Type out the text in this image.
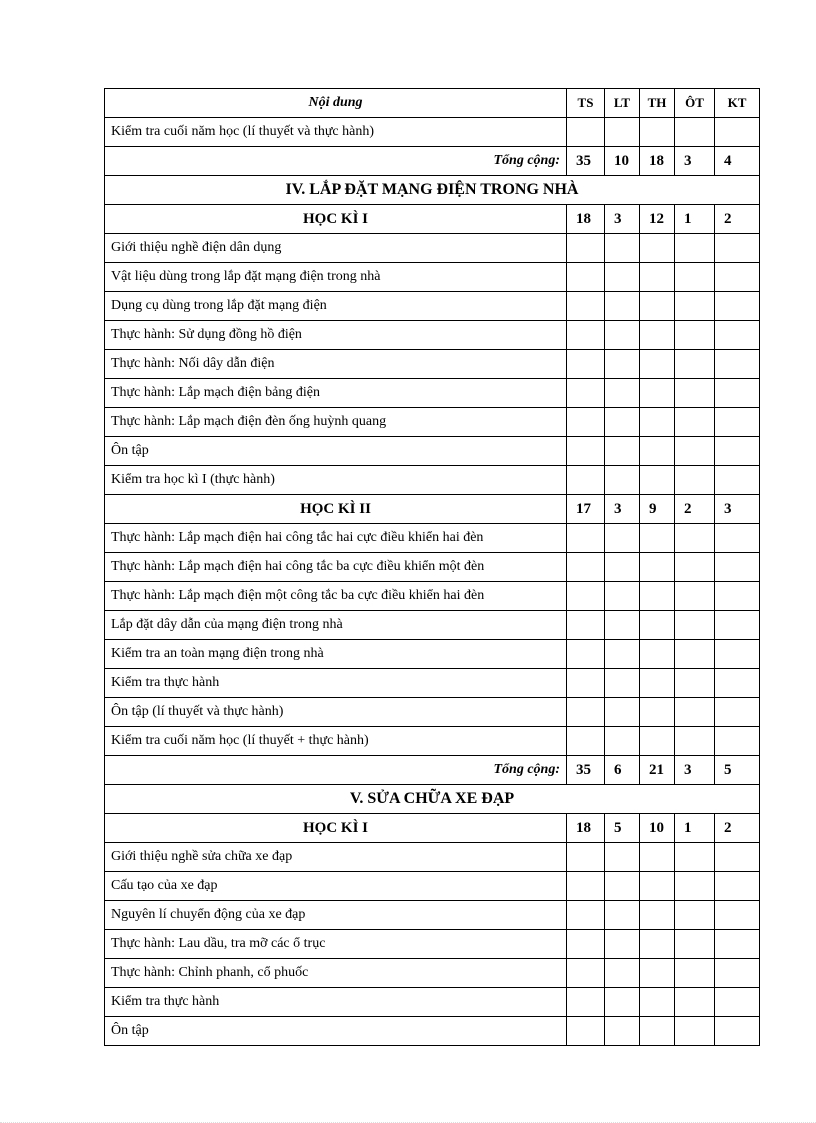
Nội dung	TS	LT	TH	ÔT	KT
Kiểm tra cuối năm học (lí thuyết và thực hành)					
Tổng cộng:	35	10	18	3	4
IV. LẮP ĐẶT MẠNG ĐIỆN TRONG NHÀ					
HỌC KÌ I	18	3	12	1	2
Giới thiệu nghề điện dân dụng					
Vật liệu dùng trong lắp đặt mạng điện trong nhà					
Dụng cụ dùng trong lắp đặt mạng điện					
Thực hành: Sử dụng đồng hồ điện					
Thực hành: Nối dây dẫn điện					
Thực hành: Lắp mạch điện bảng điện					
Thực hành: Lắp mạch điện đèn ống huỳnh quang					
Ôn tập					
Kiểm tra học kì I (thực hành)					
HỌC KÌ II	17	3	9	2	3
Thực hành: Lắp mạch điện hai công tắc hai cực điều khiển hai đèn					
Thực hành: Lắp mạch điện hai công tắc ba cực điều khiển một đèn					
Thực hành: Lắp mạch điện một công tắc ba cực điều khiển hai đèn					
Lắp đặt dây dẫn của mạng điện trong nhà					
Kiểm tra an toàn mạng điện trong nhà					
Kiểm tra thực hành					
Ôn tập (lí thuyết và thực hành)					
Kiểm tra cuối năm học (lí thuyết + thực hành)					
Tổng cộng:	35	6	21	3	5
V. SỬA CHỮA XE ĐẠP					
HỌC KÌ I	18	5	10	1	2
Giới thiệu nghề sửa chữa xe đạp					
Cấu tạo của xe đạp					
Nguyên lí chuyển động của xe đạp					
Thực hành: Lau dầu, tra mỡ các ổ trục					
Thực hành: Chỉnh phanh, cổ phuốc					
Kiểm tra thực hành					
Ôn tập					
